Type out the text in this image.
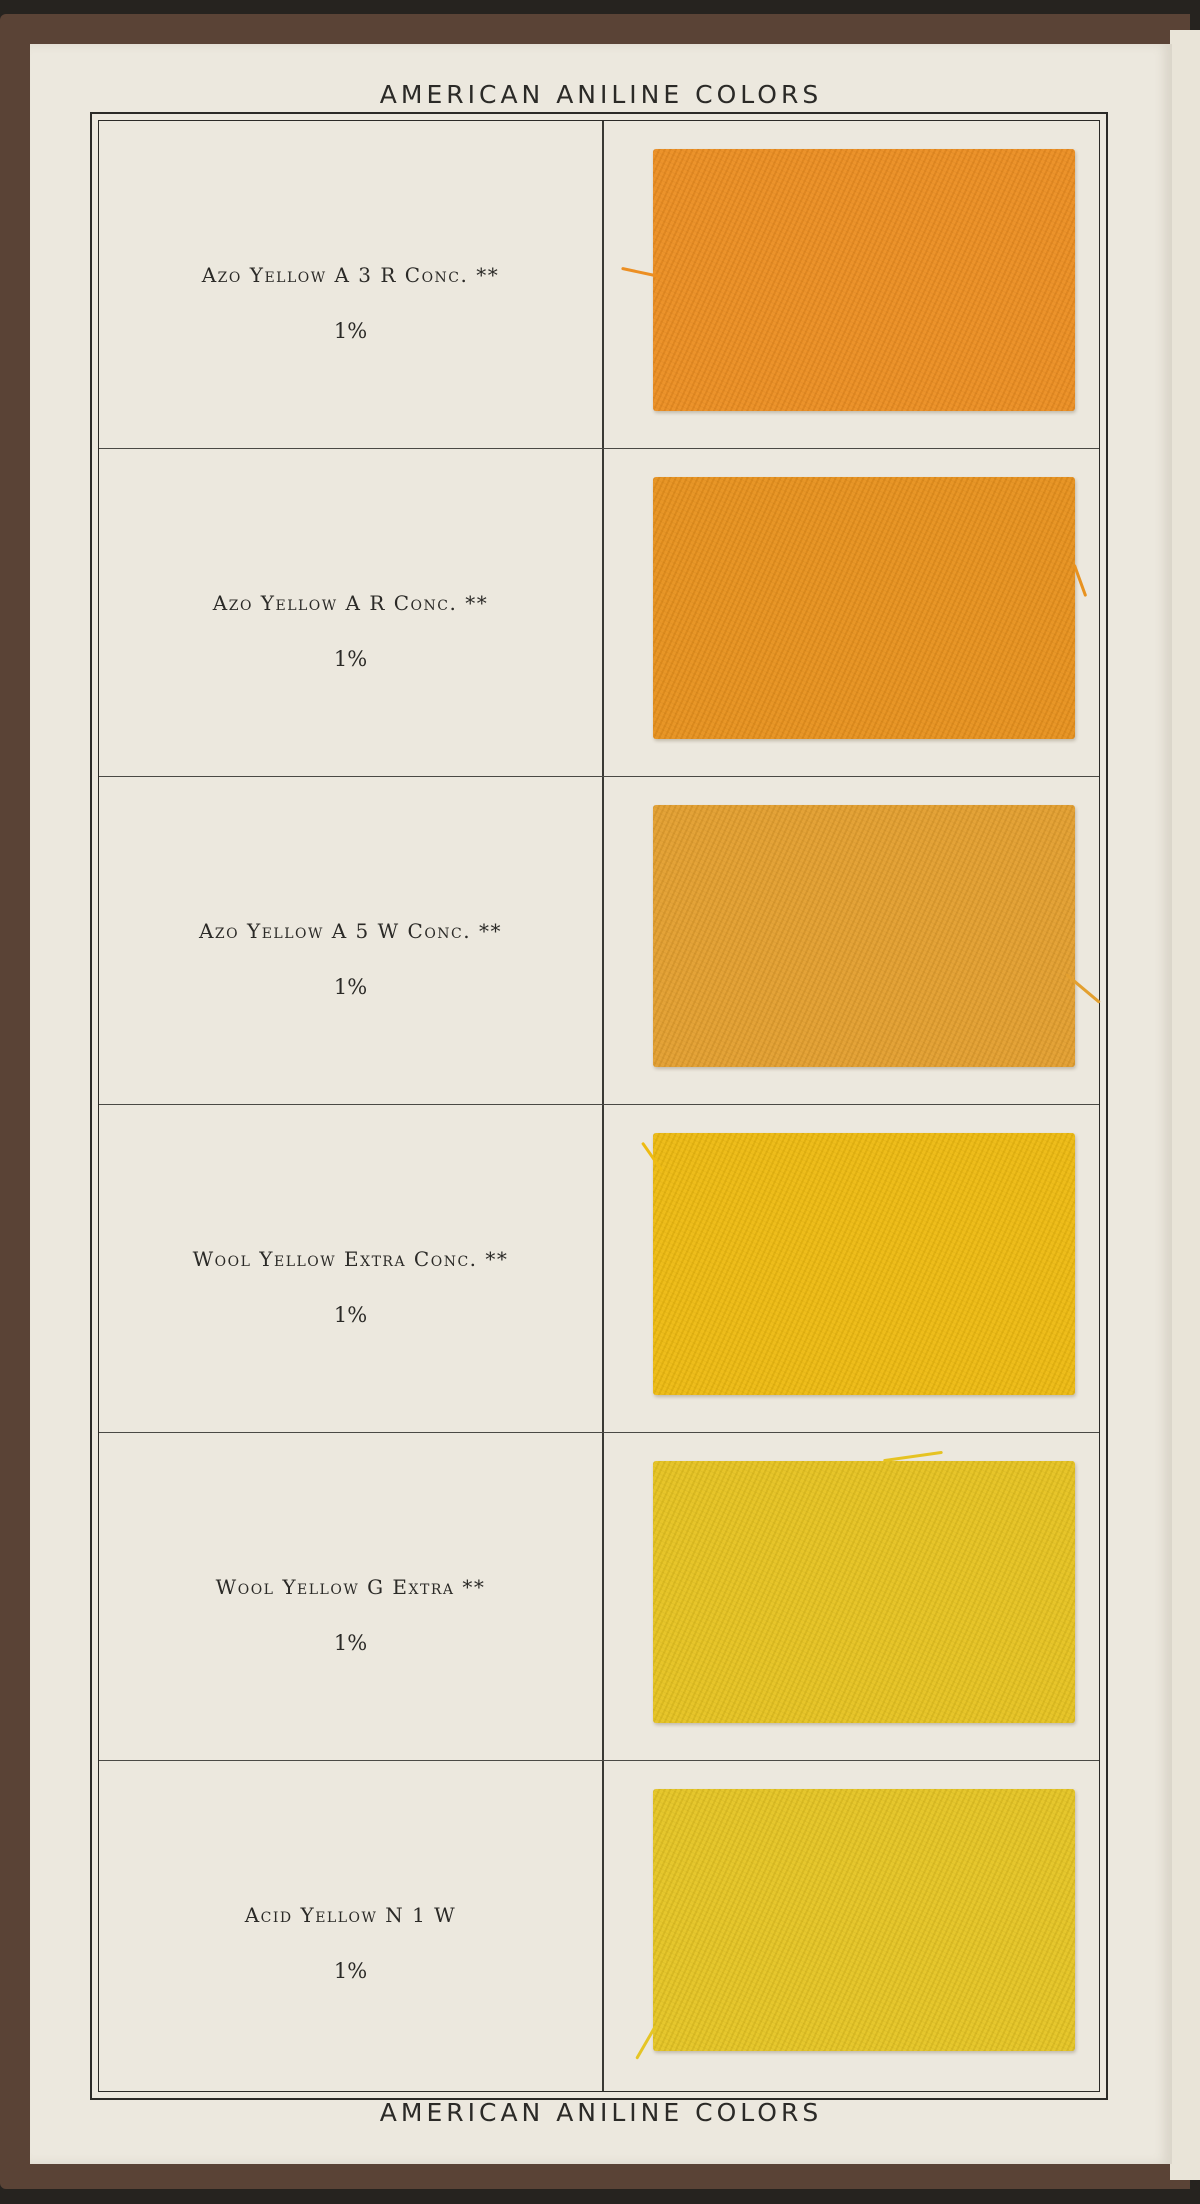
AMERICAN ANILINE COLORS
Azo Yellow A 3 R Conc. **
1%
Azo Yellow A R Conc. **
1%
Azo Yellow A 5 W Conc. **
1%
Wool Yellow Extra Conc. **
1%
Wool Yellow G Extra **
1%
Acid Yellow N 1 W
1%
AMERICAN ANILINE COLORS
